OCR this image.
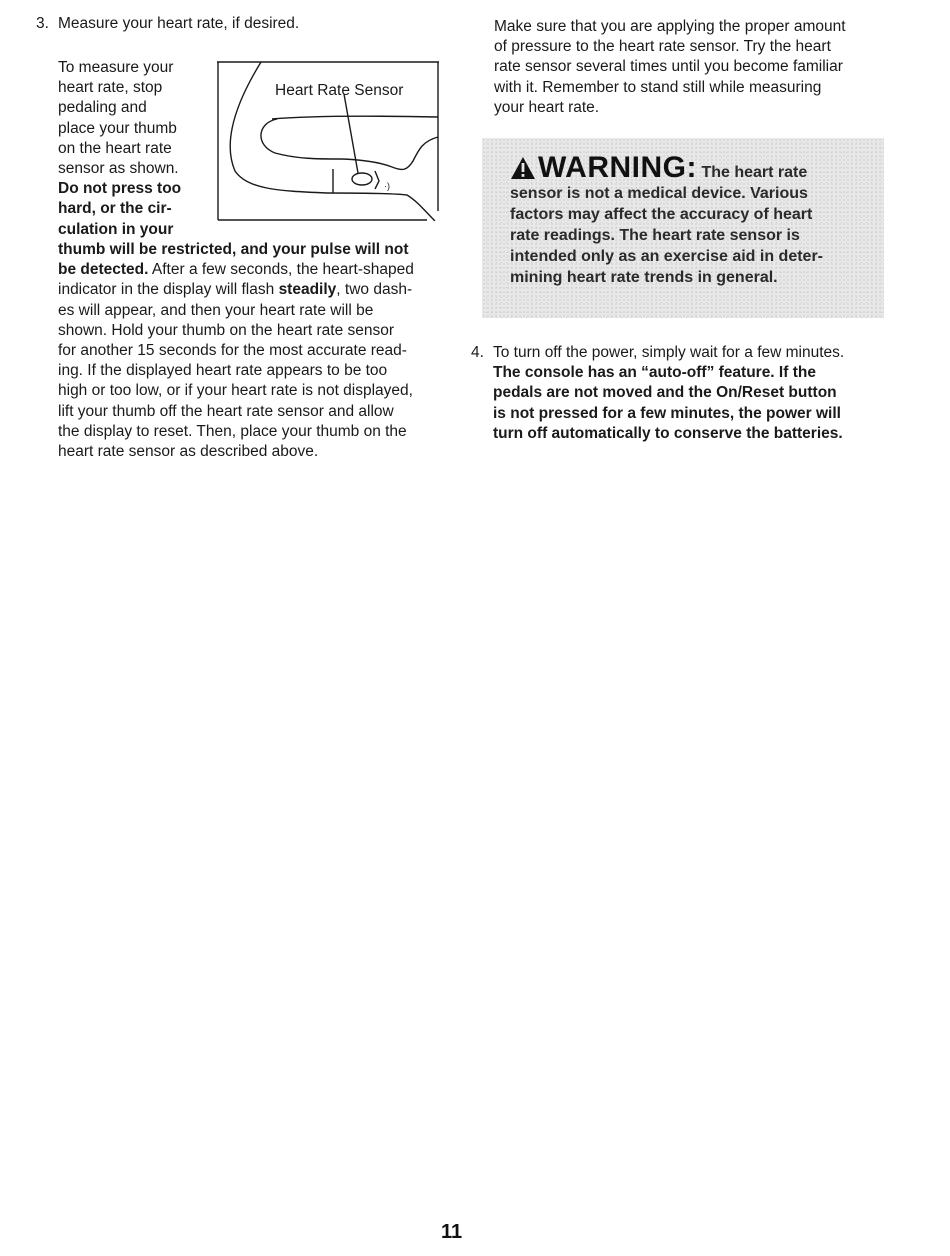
3. Measure your heart rate, if desired.
To measure your
heart rate, stop
pedaling and
place your thumb
on the heart rate
sensor as shown.
Do not press too
hard, or the cir-
culation in your
thumb will be restricted, and your pulse will not
be detected. After a few seconds, the heart-shaped
indicator in the display will flash steadily, two dash-
es will appear, and then your heart rate will be
shown. Hold your thumb on the heart rate sensor
for another 15 seconds for the most accurate read-
ing. If the displayed heart rate appears to be too
high or too low, or if your heart rate is not displayed,
lift your thumb off the heart rate sensor and allow
the display to reset. Then, place your thumb on the
heart rate sensor as described above.
·)
Heart Rate Sensor
Make sure that you are applying the proper amount
of pressure to the heart rate sensor. Try the heart
rate sensor several times until you become familiar
with it. Remember to stand still while measuring
your heart rate.
WARNING: The heart rate
sensor is not a medical device. Various
factors may affect the accuracy of heart
rate readings. The heart rate sensor is
intended only as an exercise aid in deter-
mining heart rate trends in general.
4. To turn off the power, simply wait for a few minutes.
The console has an “auto-off” feature. If the
pedals are not moved and the On/Reset button
is not pressed for a few minutes, the power will
turn off automatically to conserve the batteries.
11
